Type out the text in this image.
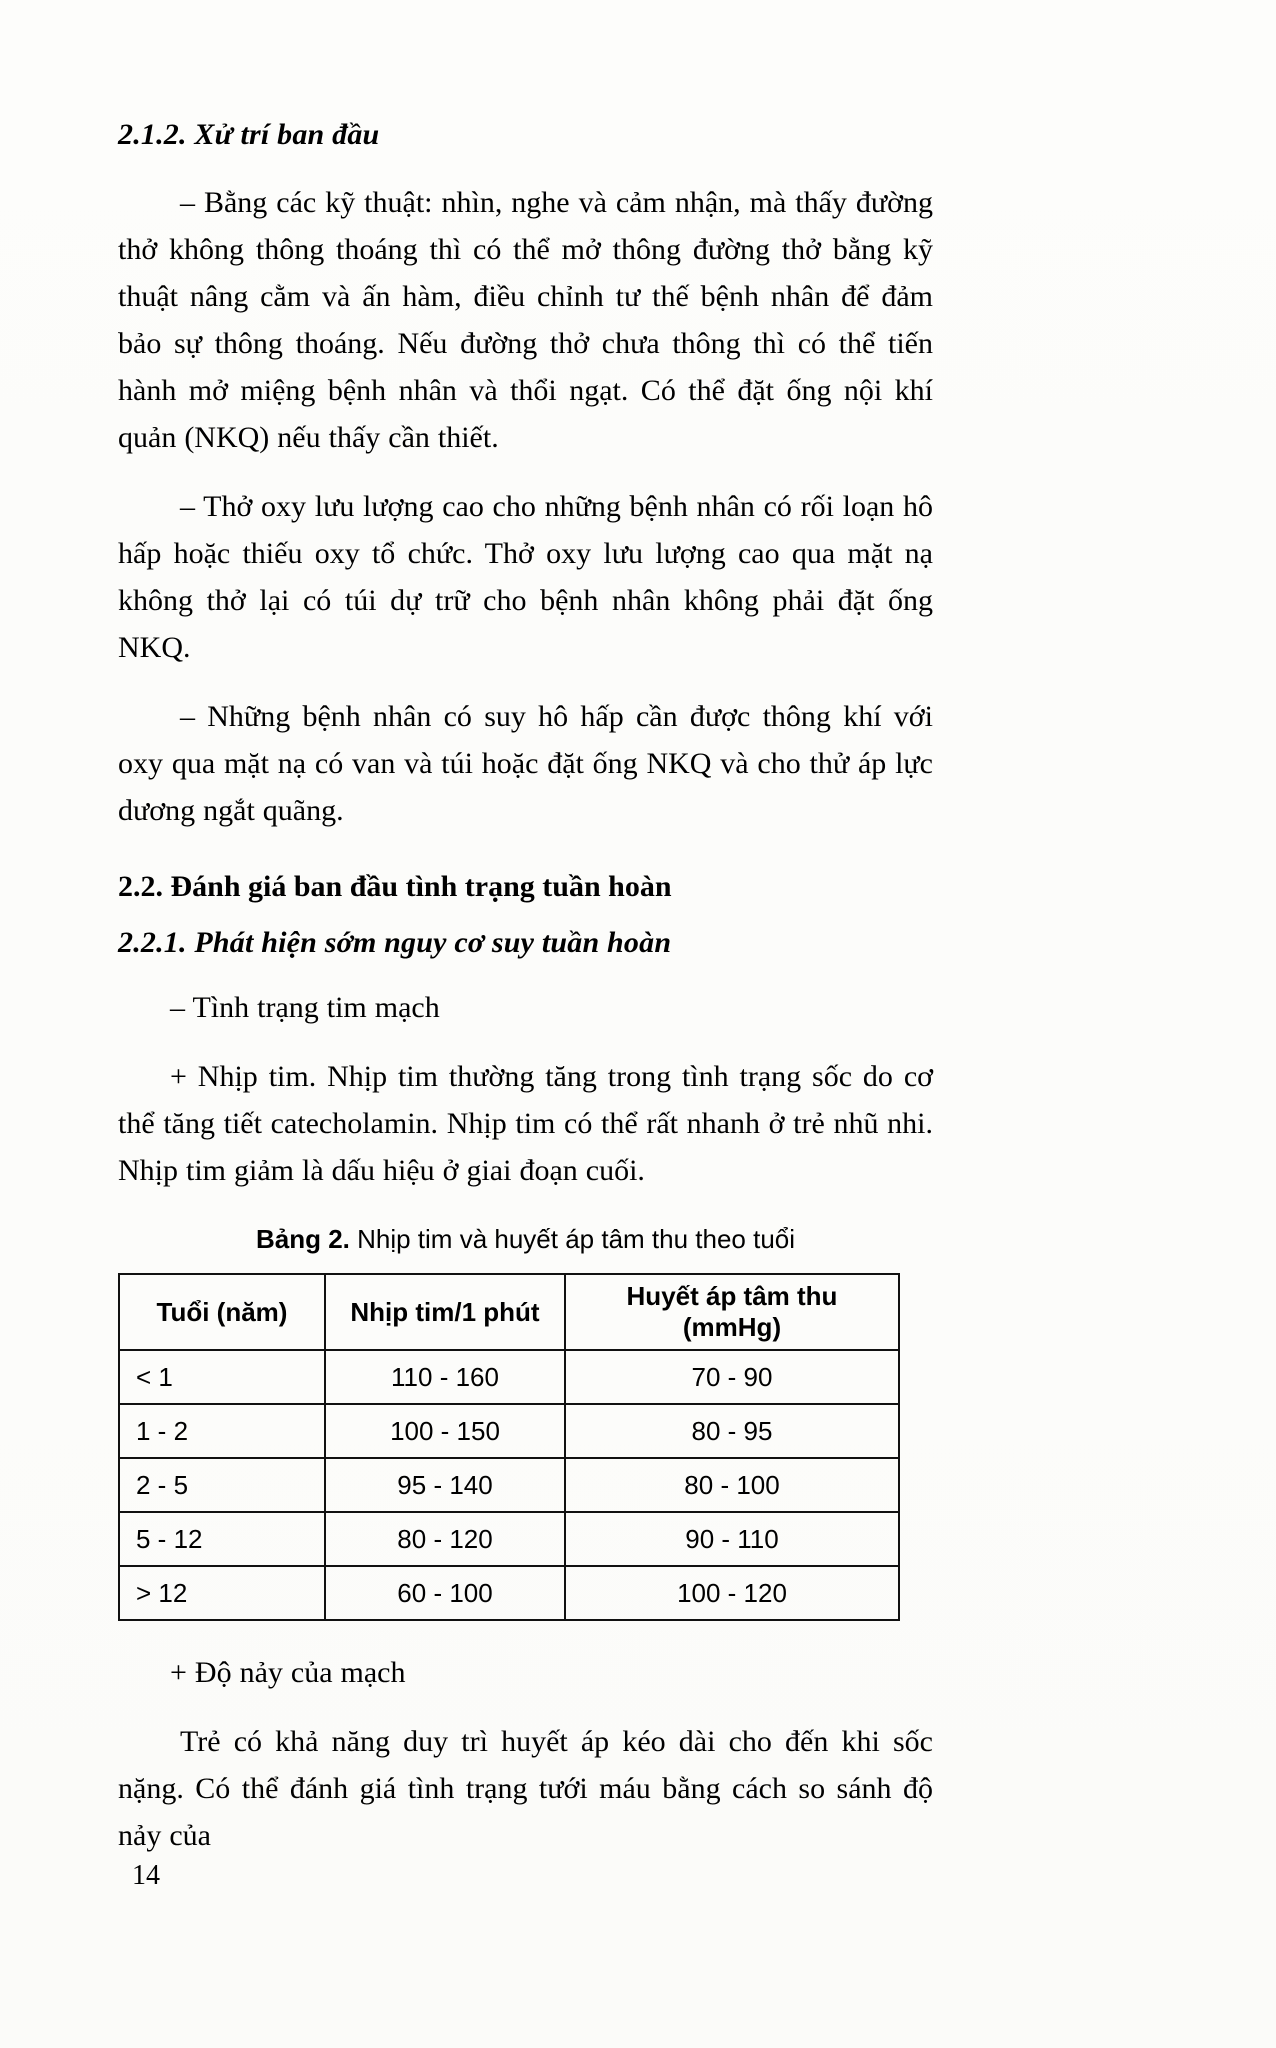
2.1.2. Xử trí ban đầu

– Bằng các kỹ thuật: nhìn, nghe và cảm nhận, mà thấy đường thở không thông thoáng thì có thể mở thông đường thở bằng kỹ thuật nâng cằm và ấn hàm, điều chỉnh tư thế bệnh nhân để đảm bảo sự thông thoáng. Nếu đường thở chưa thông thì có thể tiến hành mở miệng bệnh nhân và thổi ngạt. Có thể đặt ống nội khí quản (NKQ) nếu thấy cần thiết.

– Thở oxy lưu lượng cao cho những bệnh nhân có rối loạn hô hấp hoặc thiếu oxy tổ chức. Thở oxy lưu lượng cao qua mặt nạ không thở lại có túi dự trữ cho bệnh nhân không phải đặt ống NKQ.

– Những bệnh nhân có suy hô hấp cần được thông khí với oxy qua mặt nạ có van và túi hoặc đặt ống NKQ và cho thử áp lực dương ngắt quãng.

2.2. Đánh giá ban đầu tình trạng tuần hoàn
2.2.1. Phát hiện sớm nguy cơ suy tuần hoàn

– Tình trạng tim mạch

+ Nhịp tim. Nhịp tim thường tăng trong tình trạng sốc do cơ thể tăng tiết catecholamin. Nhịp tim có thể rất nhanh ở trẻ nhũ nhi. Nhịp tim giảm là dấu hiệu ở giai đoạn cuối.

Bảng 2. Nhịp tim và huyết áp tâm thu theo tuổi

Tuổi (năm)	Nhịp tim/1 phút	Huyết áp tâm thu (mmHg)
< 1	110 - 160	70 - 90
1 - 2	100 - 150	80 - 95
2 - 5	95 - 140	80 - 100
5 - 12	80 - 120	90 - 110
> 12	60 - 100	100 - 120

+ Độ nảy của mạch

Trẻ có khả năng duy trì huyết áp kéo dài cho đến khi sốc nặng. Có thể đánh giá tình trạng tưới máu bằng cách so sánh độ nảy của

14
